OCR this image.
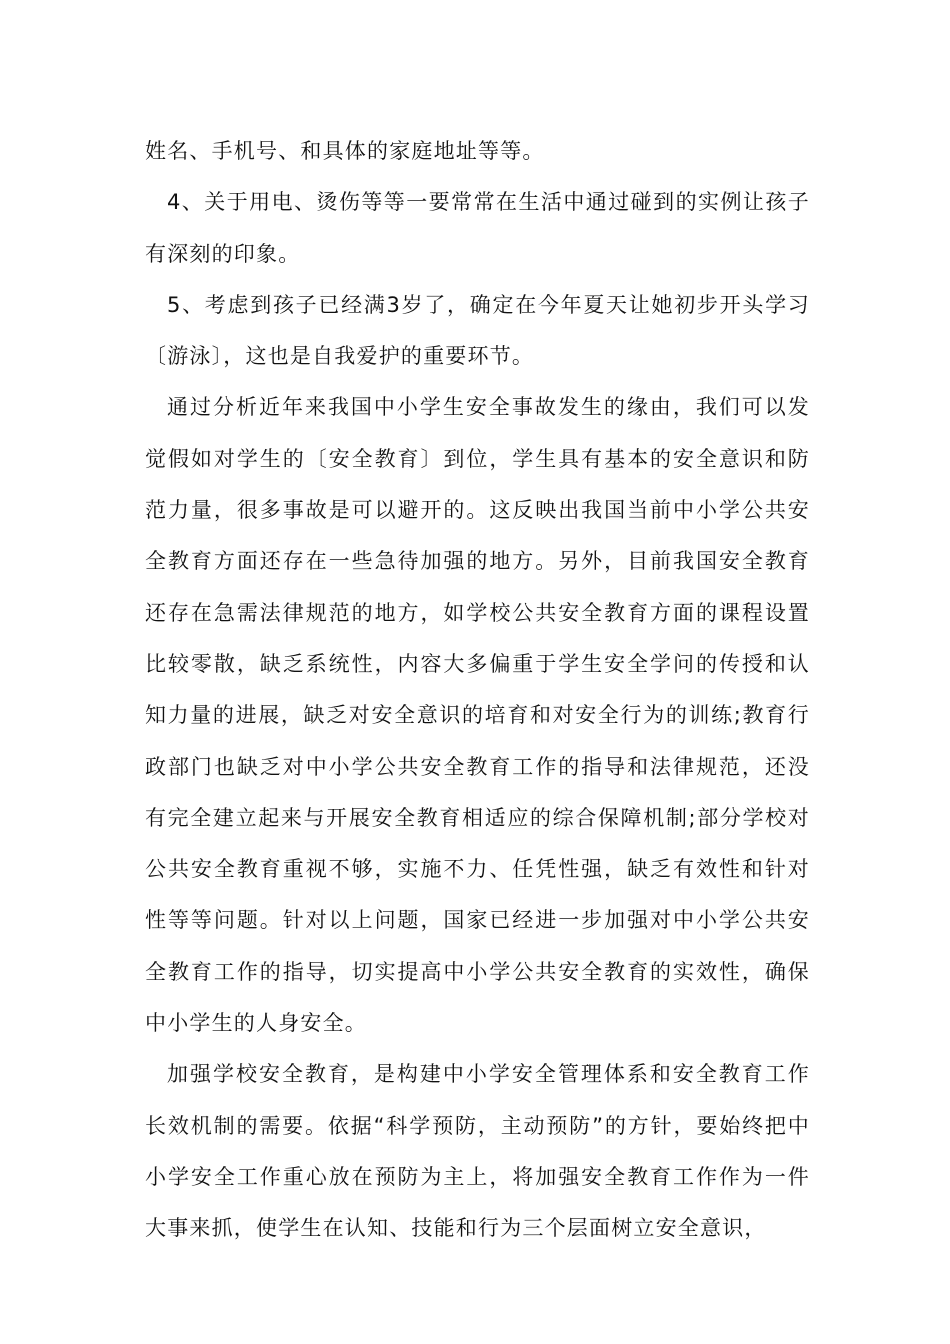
姓名、手机号、和具体的家庭地址等等。

4、关于用电、烫伤等等一要常常在生活中通过碰到的实例让孩子有深刻的印象。

5、考虑到孩子已经满3岁了，确定在今年夏天让她初步开头学习〔游泳〕，这也是自我爱护的重要环节。

通过分析近年来我国中小学生安全事故发生的缘由，我们可以发觉假如对学生的〔安全教育〕到位，学生具有基本的安全意识和防范力量，很多事故是可以避开的。这反映出我国当前中小学公共安全教育方面还存在一些急待加强的地方。另外，目前我国安全教育还存在急需法律规范的地方，如学校公共安全教育方面的课程设置比较零散，缺乏系统性，内容大多偏重于学生安全学问的传授和认知力量的进展，缺乏对安全意识的培育和对安全行为的训练;教育行政部门也缺乏对中小学公共安全教育工作的指导和法律规范，还没有完全建立起来与开展安全教育相适应的综合保障机制;部分学校对公共安全教育重视不够，实施不力、任凭性强，缺乏有效性和针对性等等问题。针对以上问题，国家已经进一步加强对中小学公共安全教育工作的指导，切实提高中小学公共安全教育的实效性，确保中小学生的人身安全。

加强学校安全教育，是构建中小学安全管理体系和安全教育工作长效机制的需要。依据“科学预防，主动预防”的方针，要始终把中小学安全工作重心放在预防为主上，将加强安全教育工作作为一件大事来抓，使学生在认知、技能和行为三个层面树立安全意识，
